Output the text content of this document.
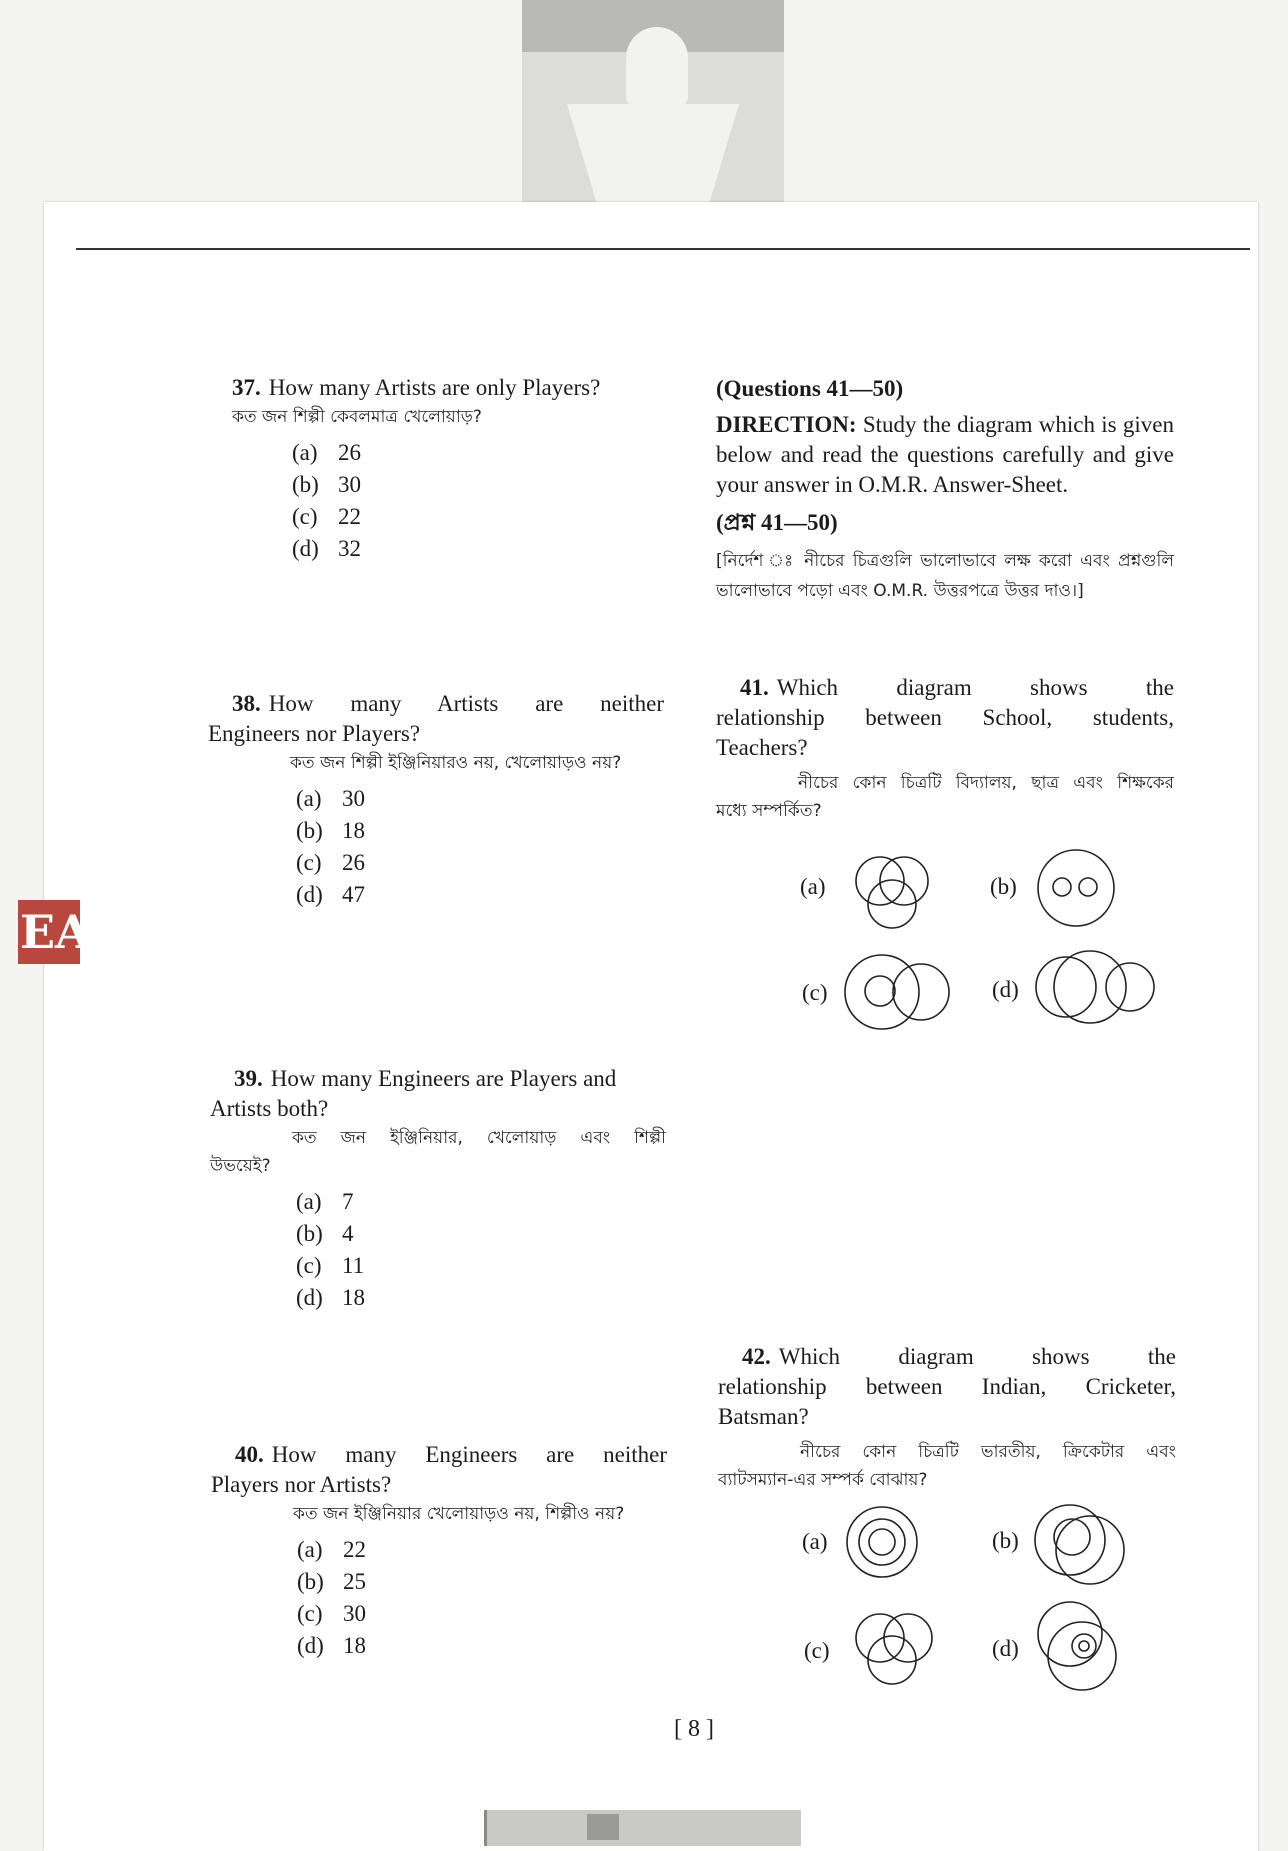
EA
37. How many Artists are only Players?
কত জন শিল্পী কেবলমাত্র খেলোয়াড়?
(a) 26
(b) 30
(c) 22
(d) 32
38. How many Artists are neither
Engineers nor Players?
কত জন শিল্পী ইঞ্জিনিয়ারও নয়, খেলোয়াড়ও নয়?
(a) 30
(b) 18
(c) 26
(d) 47
39. How many Engineers are Players and
Artists both?
কত জন ইঞ্জিনিয়ার, খেলোয়াড় এবং শিল্পী
উভয়েই?
(a) 7
(b) 4
(c) 11
(d) 18
40. How many Engineers are neither
Players nor Artists?
কত জন ইঞ্জিনিয়ার খেলোয়াড়ও নয়, শিল্পীও নয়?
(a) 22
(b) 25
(c) 30
(d) 18
(Questions 41—50)
DIRECTION: Study the diagram which is given below and read the questions carefully and give your answer in O.M.R. Answer-Sheet.
(প্রশ্ন 41—50)
[নির্দেশ ঃ নীচের চিত্রগুলি ভালোভাবে লক্ষ করো এবং প্রশ্নগুলি ভালোভাবে পড়ো এবং O.M.R. উত্তরপত্রে উত্তর দাও।]
41. Which diagram shows the
relationship between School, students,
Teachers?
নীচের কোন চিত্রটি বিদ্যালয়, ছাত্র এবং শিক্ষকের
মধ্যে সম্পর্কিত?
(a)	(b)
(c)	(d)
42. Which diagram shows the
relationship between Indian, Cricketer,
Batsman?
নীচের কোন চিত্রটি ভারতীয়, ক্রিকেটার এবং
ব্যাটসম্যান-এর সম্পর্ক বোঝায়?
(a)	(b)
(c)	(d)
[ 8 ]
